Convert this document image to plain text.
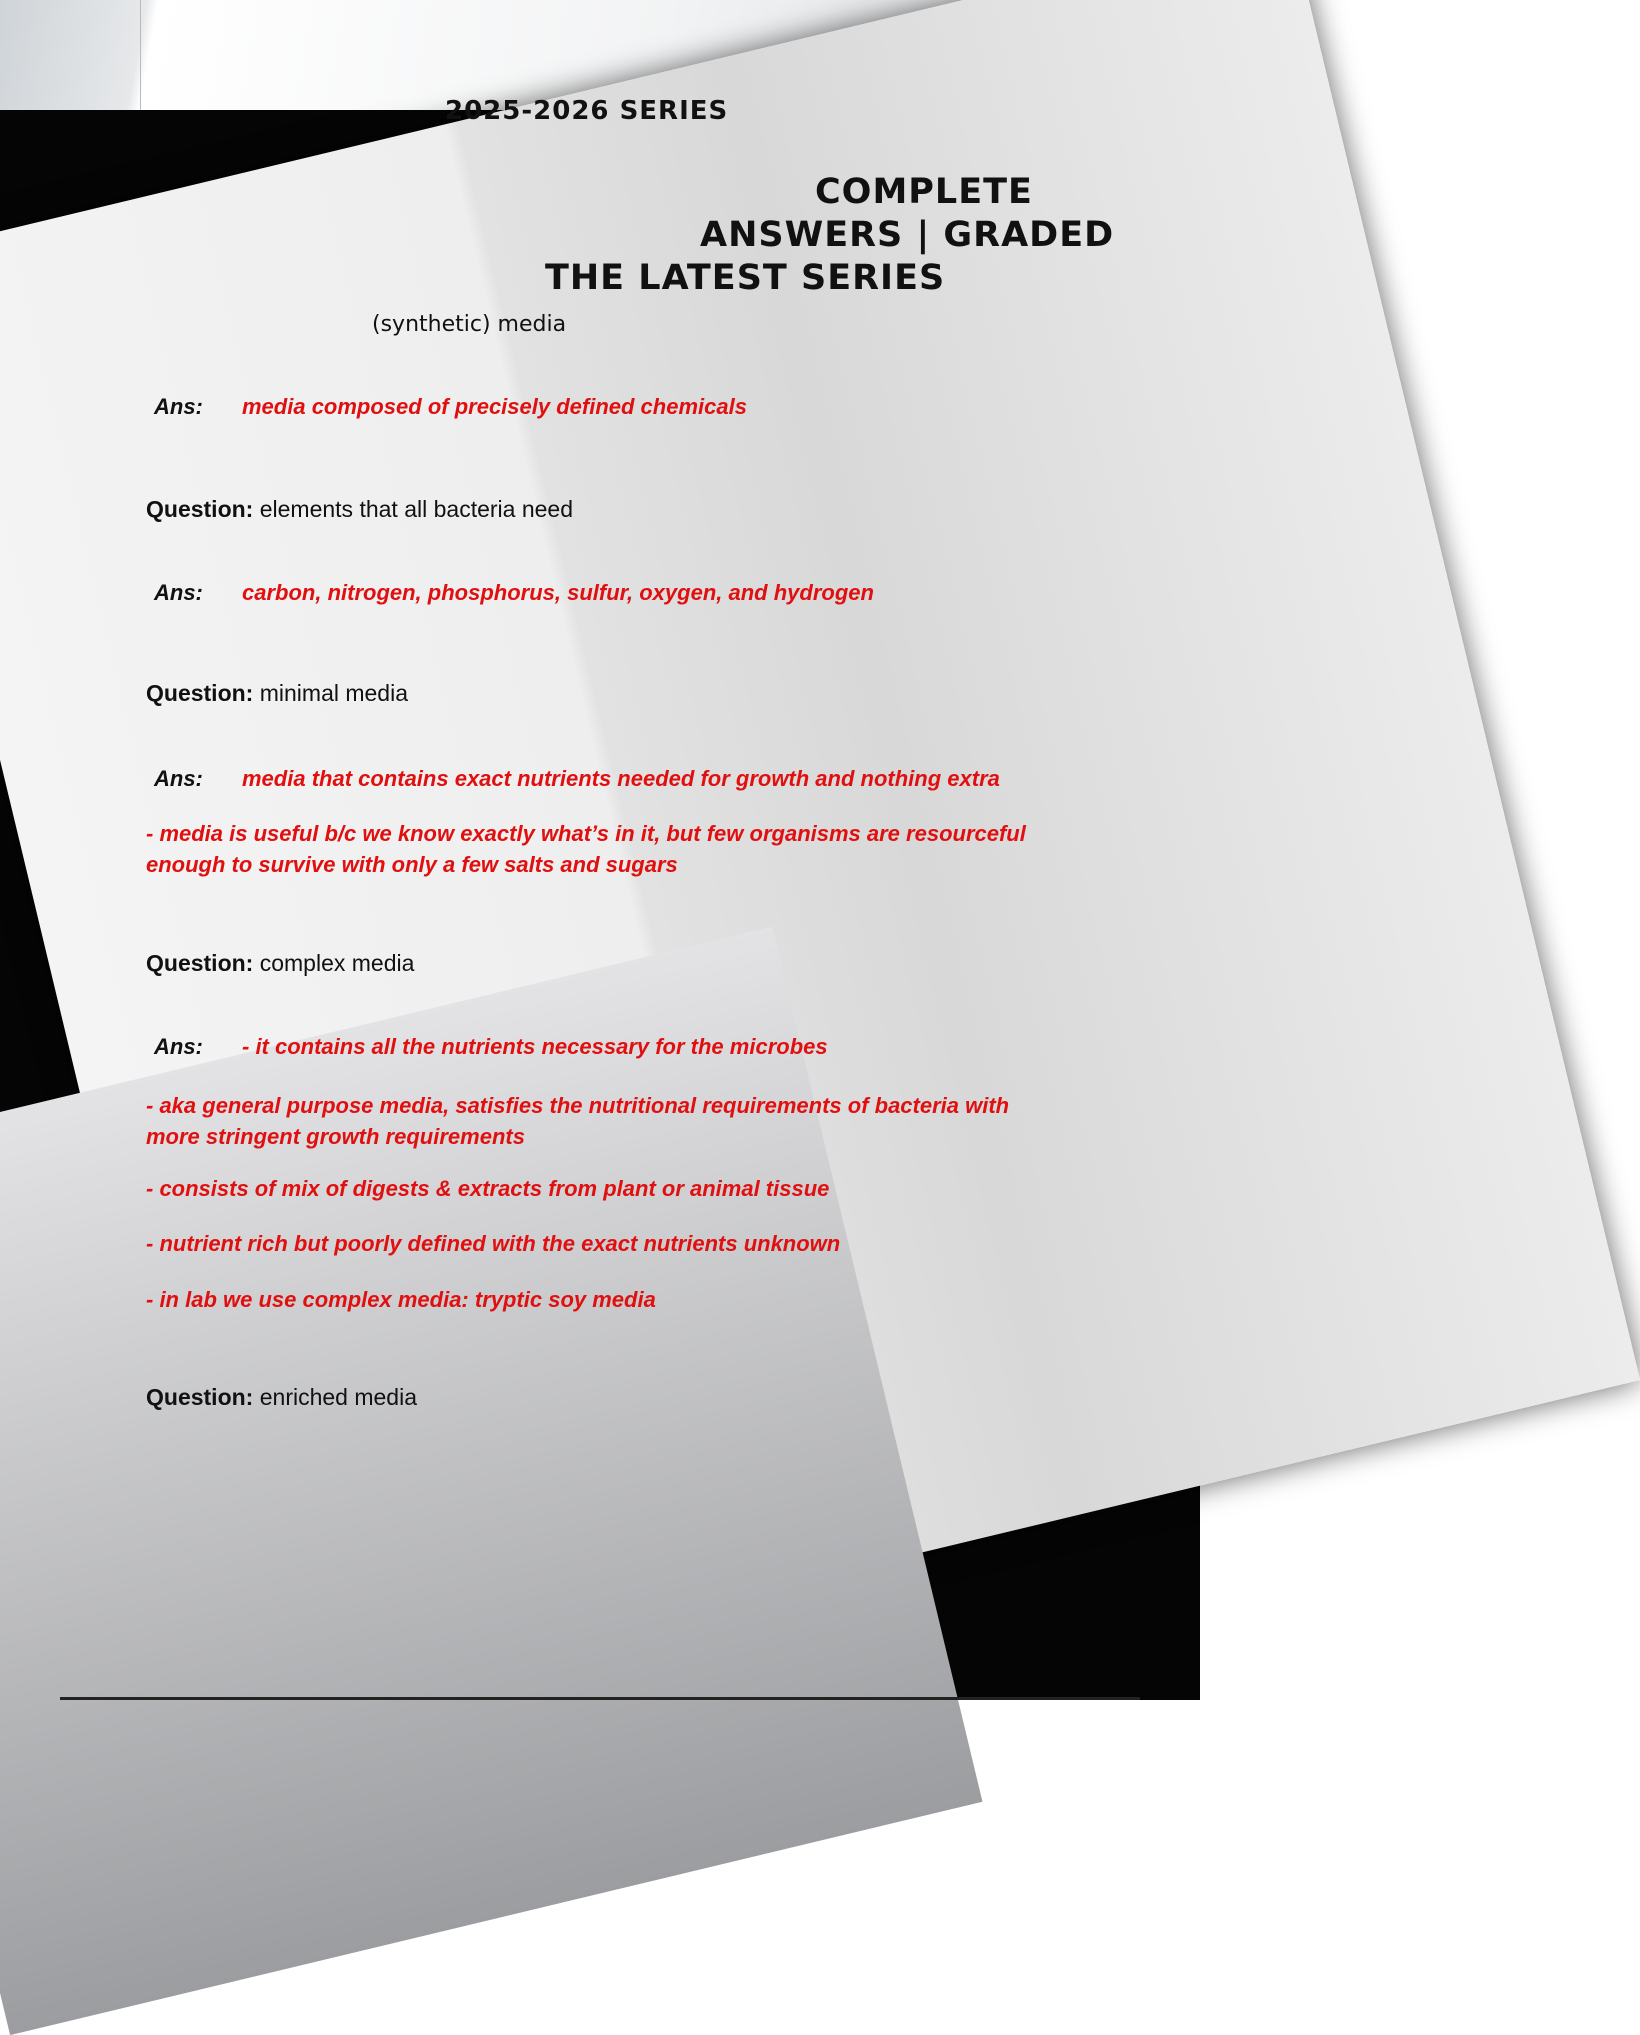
COMPLETE
ANSWERS | GRADED
THE LATEST SERIES
(synthetic) media
Ans: media composed of precisely defined chemicals
Question: elements that all bacteria need
Ans: carbon, nitrogen, phosphorus, sulfur, oxygen, and hydrogen
Question: minimal media
Ans: media that contains exact nutrients needed for growth and nothing extra
- media is useful b/c we know exactly what’s in it, but few organisms are resourceful enough to survive with only a few salts and sugars
Question: complex media
Ans: - it contains all the nutrients necessary for the microbes
- aka general purpose media, satisfies the nutritional requirements of bacteria with more stringent growth requirements
- consists of mix of digests & extracts from plant or animal tissue
- nutrient rich but poorly defined with the exact nutrients unknown
- in lab we use complex media: tryptic soy media
Question: enriched media
